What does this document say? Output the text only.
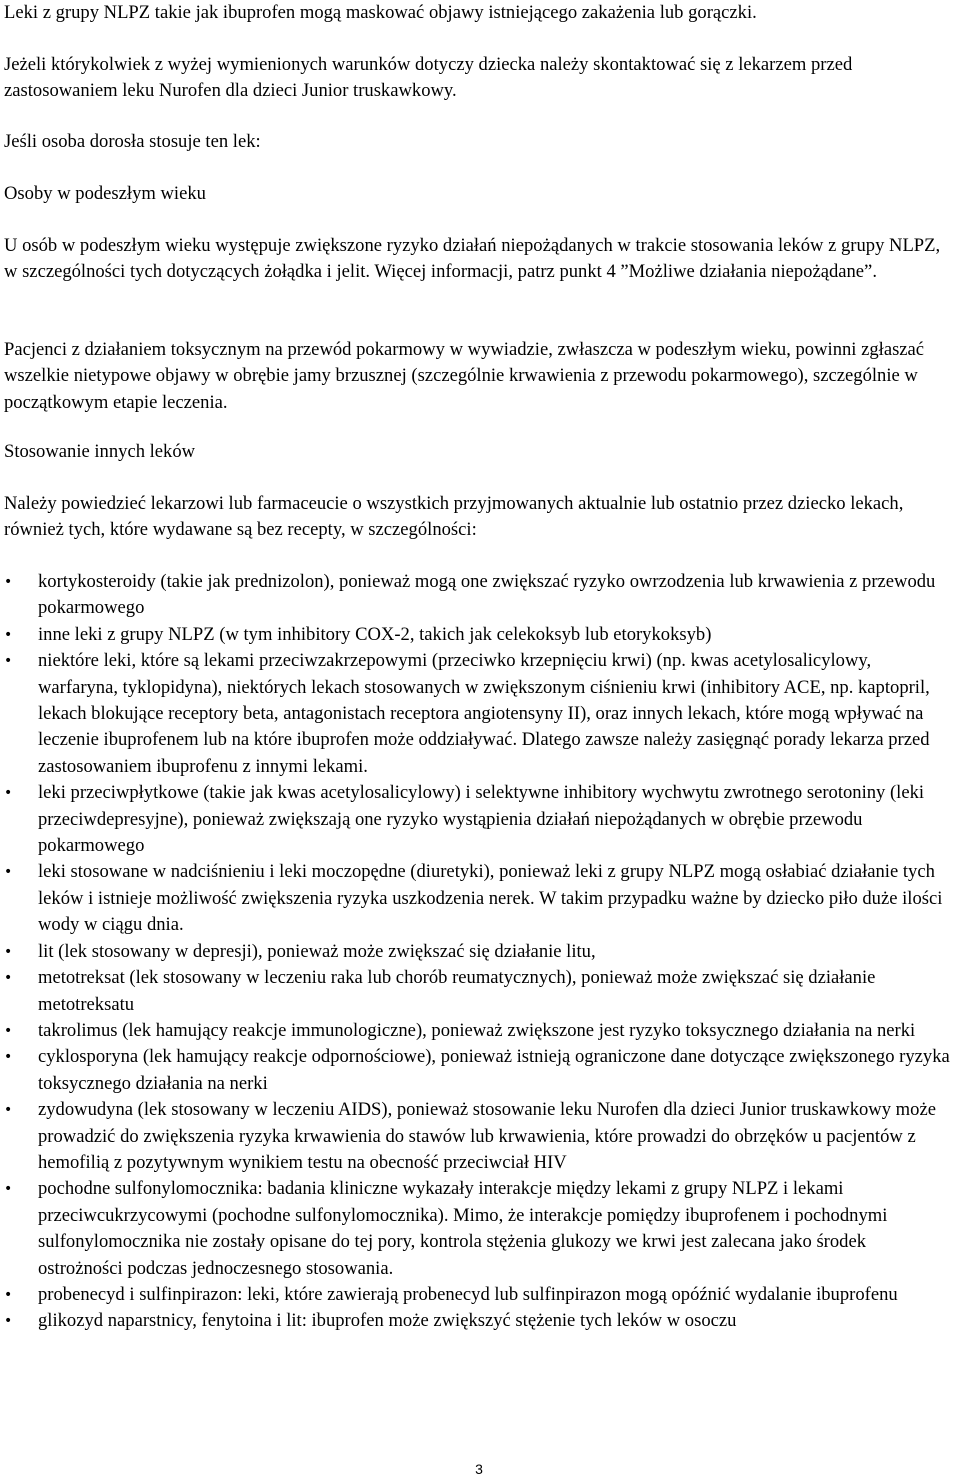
Leki z grupy NLPZ takie jak ibuprofen mogą maskować objawy istniejącego zakażenia lub gorączki.

Jeżeli którykolwiek z wyżej wymienionych warunków dotyczy dziecka należy skontaktować się z lekarzem przed zastosowaniem leku Nurofen dla dzieci Junior truskawkowy.

Jeśli osoba dorosła stosuje ten lek:

Osoby w podeszłym wieku

U osób w podeszłym wieku występuje zwiększone ryzyko działań niepożądanych w trakcie stosowania leków z grupy NLPZ, w szczególności tych dotyczących żołądka i jelit. Więcej informacji, patrz punkt 4 ”Możliwe działania niepożądane”.

Pacjenci z działaniem toksycznym na przewód pokarmowy w wywiadzie, zwłaszcza w podeszłym wieku, powinni zgłaszać wszelkie nietypowe objawy w obrębie jamy brzusznej (szczególnie krwawienia z przewodu pokarmowego), szczególnie w początkowym etapie leczenia.

Stosowanie innych leków

Należy powiedzieć lekarzowi lub farmaceucie o wszystkich przyjmowanych aktualnie lub ostatnio przez dziecko lekach, również tych, które wydawane są bez recepty, w szczególności:

•	kortykosteroidy (takie jak prednizolon), ponieważ mogą one zwiększać ryzyko owrzodzenia lub krwawienia z przewodu pokarmowego
•	inne leki z grupy NLPZ (w tym inhibitory COX-2, takich jak celekoksyb lub etorykoksyb)
•	niektóre leki, które są lekami przeciwzakrzepowymi (przeciwko krzepnięciu krwi) (np. kwas acetylosalicylowy, warfaryna, tyklopidyna), niektórych lekach stosowanych w zwiększonym ciśnieniu krwi (inhibitory ACE, np. kaptopril, lekach blokujące receptory beta, antagonistach receptora angiotensyny II), oraz innych lekach, które mogą wpływać na leczenie ibuprofenem lub na które ibuprofen może oddziaływać. Dlatego zawsze należy zasięgnąć porady lekarza przed zastosowaniem ibuprofenu z innymi lekami.
•	leki przeciwpłytkowe (takie jak kwas acetylosalicylowy) i selektywne inhibitory wychwytu zwrotnego serotoniny (leki przeciwdepresyjne), ponieważ zwiększają one ryzyko wystąpienia działań niepożądanych w obrębie przewodu pokarmowego
•	leki stosowane w nadciśnieniu i leki moczopędne (diuretyki), ponieważ leki z grupy NLPZ mogą osłabiać działanie tych leków i istnieje możliwość zwiększenia ryzyka uszkodzenia nerek. W takim przypadku ważne by dziecko piło duże ilości wody w ciągu dnia.
•	lit (lek stosowany w depresji), ponieważ może zwiększać się działanie litu,
•	metotreksat (lek stosowany w leczeniu raka lub chorób reumatycznych), ponieważ może zwiększać się działanie metotreksatu
•	takrolimus (lek hamujący reakcje immunologiczne), ponieważ zwiększone jest ryzyko toksycznego działania na nerki
•	cyklosporyna (lek hamujący reakcje odpornościowe), ponieważ istnieją ograniczone dane dotyczące zwiększonego ryzyka toksycznego działania na nerki
•	zydowudyna (lek stosowany w leczeniu AIDS), ponieważ stosowanie leku Nurofen dla dzieci Junior truskawkowy może prowadzić do zwiększenia ryzyka krwawienia do stawów lub krwawienia, które prowadzi do obrzęków u pacjentów z hemofilią z pozytywnym wynikiem testu na obecność przeciwciał HIV
•	pochodne sulfonylomocznika: badania kliniczne wykazały interakcje między lekami z grupy NLPZ i lekami przeciwcukrzycowymi (pochodne sulfonylomocznika). Mimo, że interakcje pomiędzy ibuprofenem i pochodnymi sulfonylomocznika nie zostały opisane do tej pory, kontrola stężenia glukozy we krwi jest zalecana jako środek ostrożności podczas jednoczesnego stosowania.
•	probenecyd i sulfinpirazon: leki, które zawierają probenecyd lub sulfinpirazon mogą opóźnić wydalanie ibuprofenu
•	glikozyd naparstnicy, fenytoina i lit: ibuprofen może zwiększyć stężenie tych leków w osoczu
3
